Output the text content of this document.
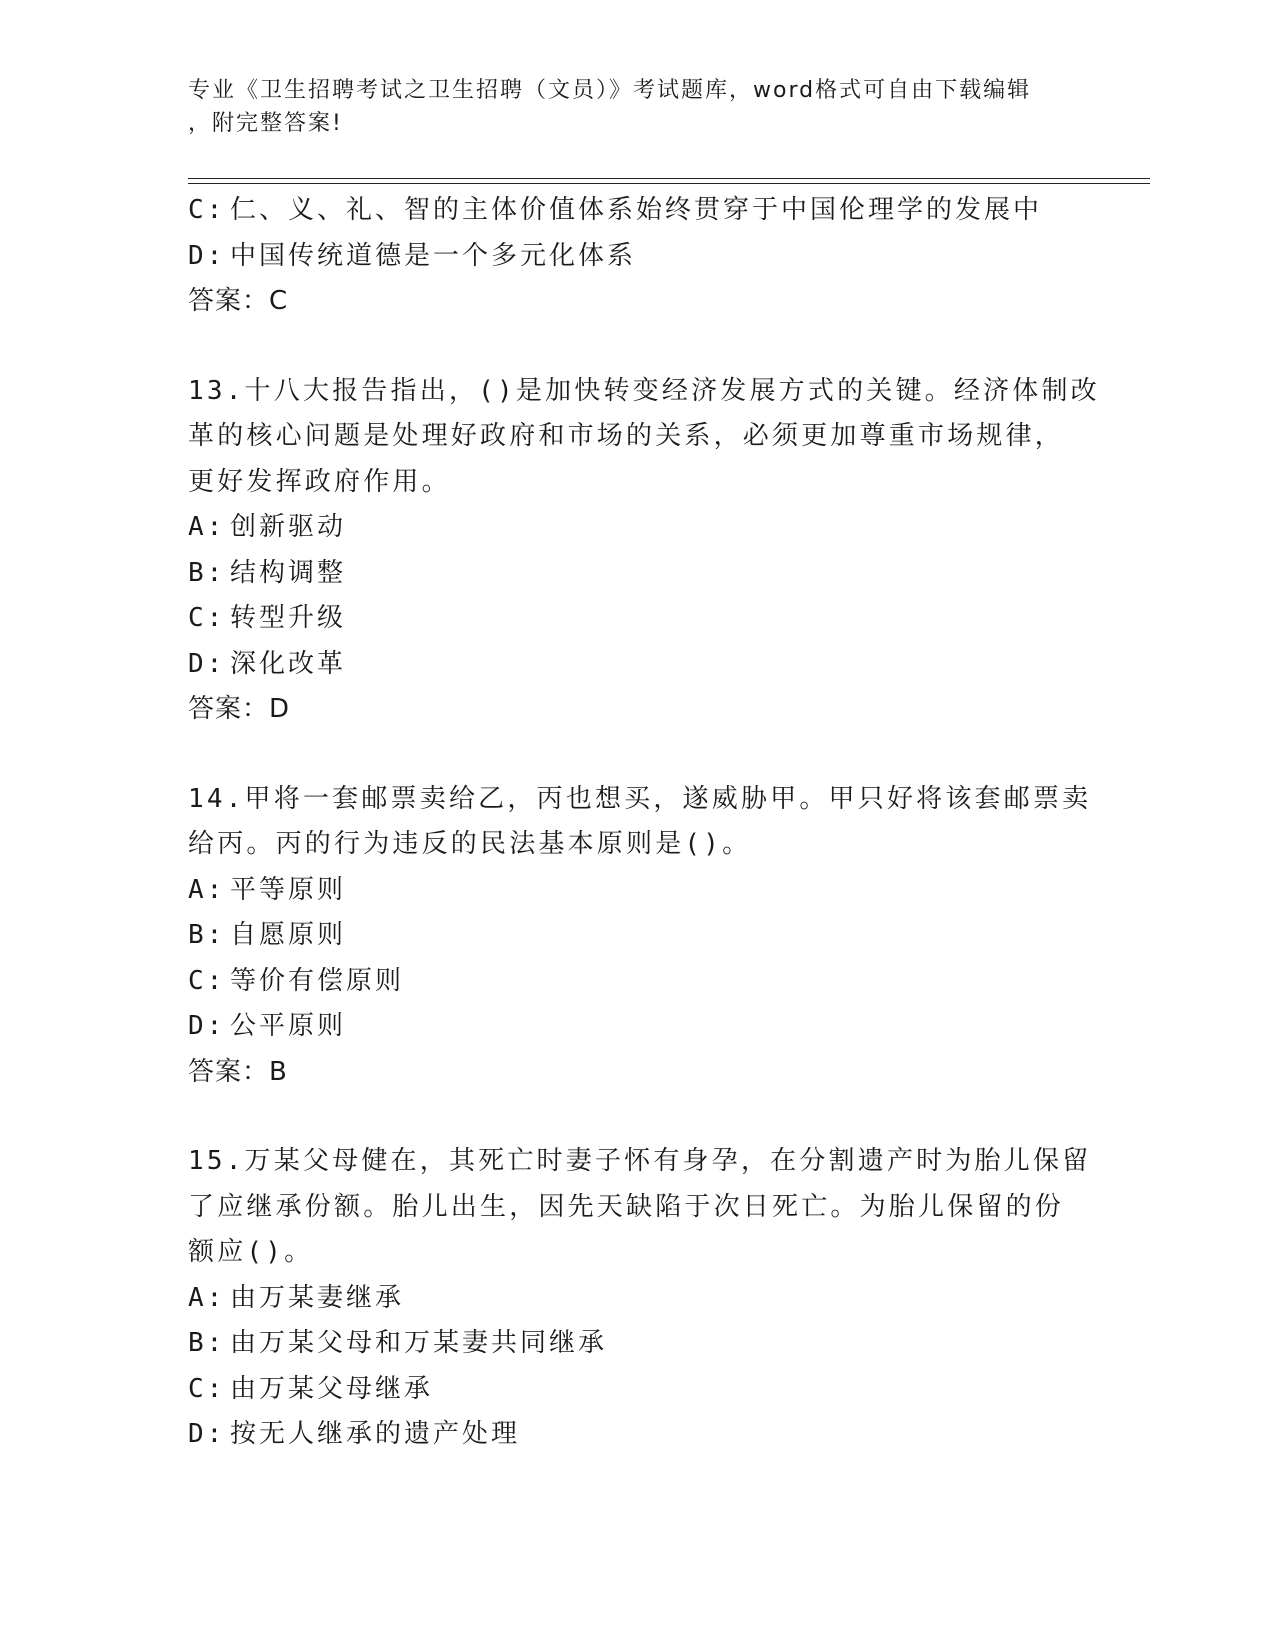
专业《卫生招聘考试之卫生招聘（文员）》考试题库，word格式可自由下载编辑
，附完整答案!
C: 仁、义、礼、智的主体价值体系始终贯穿于中国伦理学的发展中
D: 中国传统道德是一个多元化体系
答案：C
13.十八大报告指出，()是加快转变经济发展方式的关键。经济体制改
革的核心问题是处理好政府和市场的关系，必须更加尊重市场规律，
更好发挥政府作用。
A: 创新驱动
B: 结构调整
C: 转型升级
D: 深化改革
答案：D
14.甲将一套邮票卖给乙，丙也想买，遂威胁甲。甲只好将该套邮票卖
给丙。丙的行为违反的民法基本原则是()。
A: 平等原则
B: 自愿原则
C: 等价有偿原则
D: 公平原则
答案：B
15.万某父母健在，其死亡时妻子怀有身孕，在分割遗产时为胎儿保留
了应继承份额。胎儿出生，因先天缺陷于次日死亡。为胎儿保留的份
额应()。
A: 由万某妻继承
B: 由万某父母和万某妻共同继承
C: 由万某父母继承
D: 按无人继承的遗产处理
